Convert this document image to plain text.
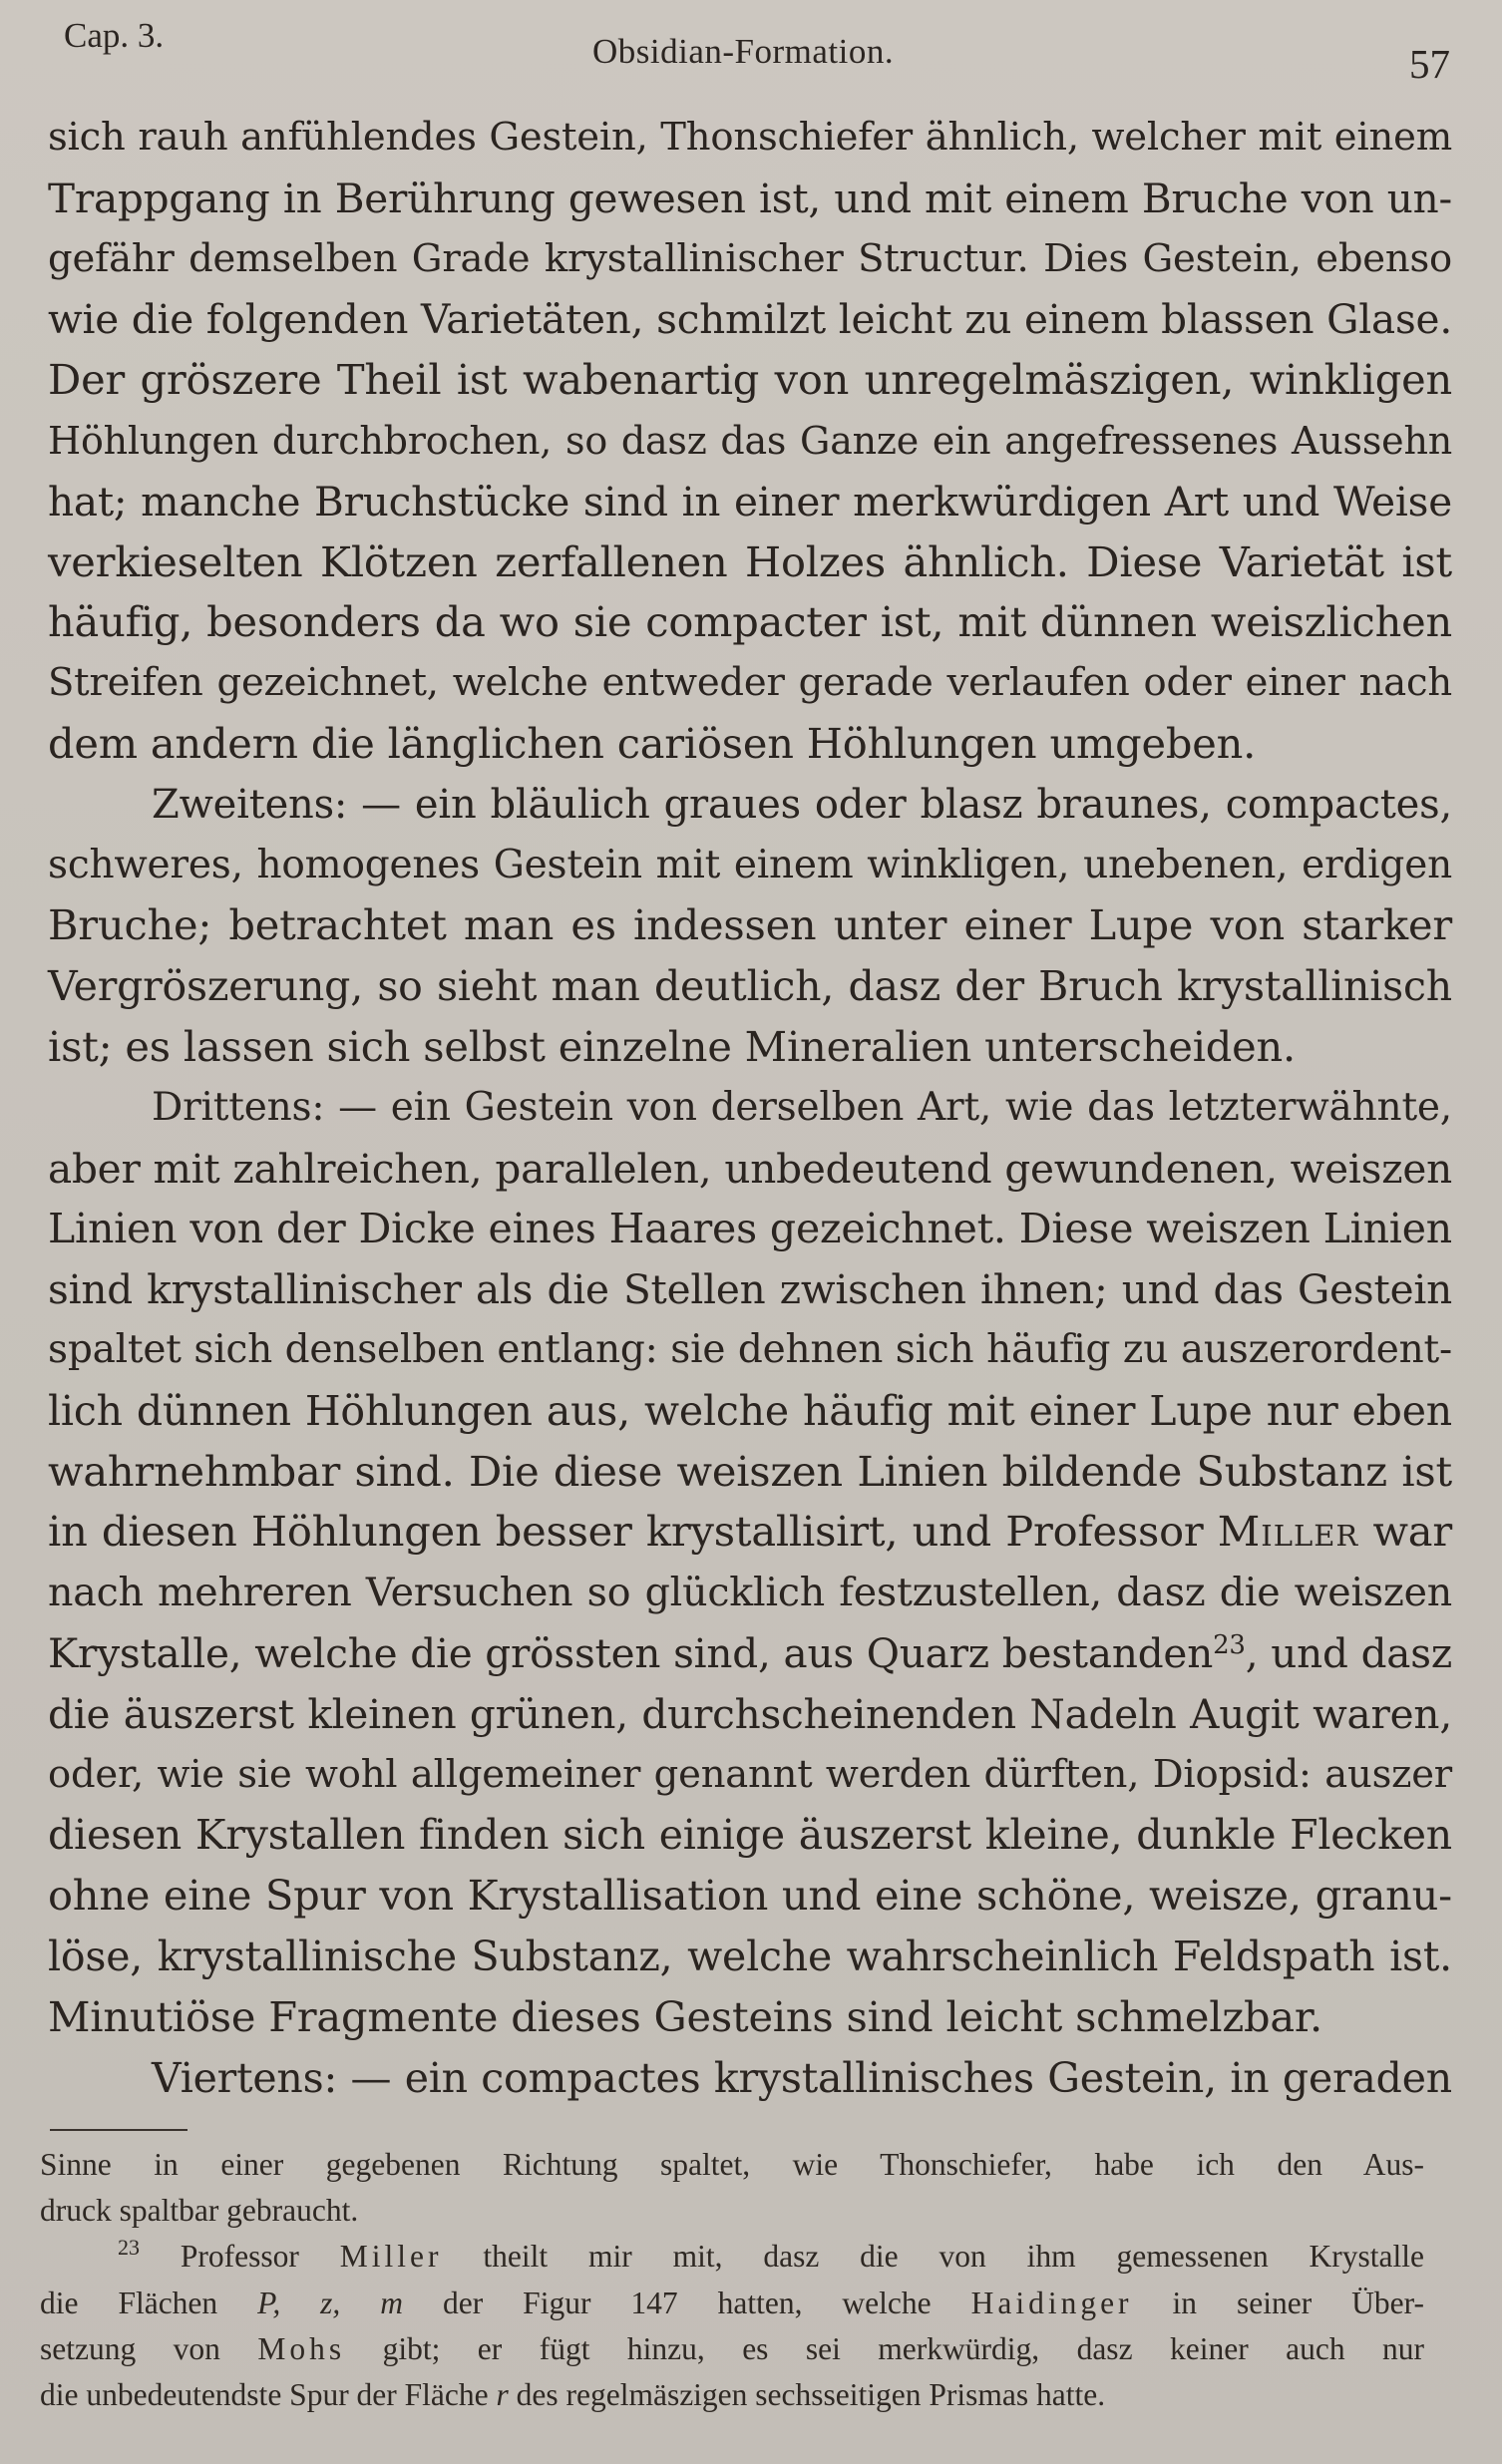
Cap. 3.	Obsidian-Formation.	57
sich rauh anfühlendes Gestein, Thonschiefer ähnlich, welcher mit einem
Trappgang in Berührung gewesen ist, und mit einem Bruche von un-
gefähr demselben Grade krystallinischer Structur. Dies Gestein, ebenso
wie die folgenden Varietäten, schmilzt leicht zu einem blassen Glase.
Der gröszere Theil ist wabenartig von unregelmäszigen, winkligen
Höhlungen durchbrochen, so dasz das Ganze ein angefressenes Aussehn
hat; manche Bruchstücke sind in einer merkwürdigen Art und Weise
verkieselten Klötzen zerfallenen Holzes ähnlich. Diese Varietät ist
häufig, besonders da wo sie compacter ist, mit dünnen weiszlichen
Streifen gezeichnet, welche entweder gerade verlaufen oder einer nach
dem andern die länglichen cariösen Höhlungen umgeben.
Zweitens: — ein bläulich graues oder blasz braunes, compactes,
schweres, homogenes Gestein mit einem winkligen, unebenen, erdigen
Bruche; betrachtet man es indessen unter einer Lupe von starker
Vergröszerung, so sieht man deutlich, dasz der Bruch krystallinisch
ist; es lassen sich selbst einzelne Mineralien unterscheiden.
Drittens: — ein Gestein von derselben Art, wie das letzterwähnte,
aber mit zahlreichen, parallelen, unbedeutend gewundenen, weiszen
Linien von der Dicke eines Haares gezeichnet. Diese weiszen Linien
sind krystallinischer als die Stellen zwischen ihnen; und das Gestein
spaltet sich denselben entlang: sie dehnen sich häufig zu auszerordent-
lich dünnen Höhlungen aus, welche häufig mit einer Lupe nur eben
wahrnehmbar sind. Die diese weiszen Linien bildende Substanz ist
in diesen Höhlungen besser krystallisirt, und Professor Miller war
nach mehreren Versuchen so glücklich festzustellen, dasz die weiszen
Krystalle, welche die grössten sind, aus Quarz bestanden$^{23}$, und dasz
die äuszerst kleinen grünen, durchscheinenden Nadeln Augit waren,
oder, wie sie wohl allgemeiner genannt werden dürften, Diopsid: auszer
diesen Krystallen finden sich einige äuszerst kleine, dunkle Flecken
ohne eine Spur von Krystallisation und eine schöne, weisze, granu-
löse, krystallinische Substanz, welche wahrscheinlich Feldspath ist.
Minutiöse Fragmente dieses Gesteins sind leicht schmelzbar.
Viertens: — ein compactes krystallinisches Gestein, in geraden
Sinne in einer gegebenen Richtung spaltet, wie Thonschiefer, habe ich den Aus-
druck spaltbar gebraucht.
$^{23}$ Professor Miller theilt mir mit, dasz die von ihm gemessenen Krystalle
die Flächen P, z, m der Figur 147 hatten, welche Haidinger in seiner Über-
setzung von Mohs gibt; er fügt hinzu, es sei merkwürdig, dasz keiner auch nur
die unbedeutendste Spur der Fläche r des regelmäszigen sechsseitigen Prismas hatte.
